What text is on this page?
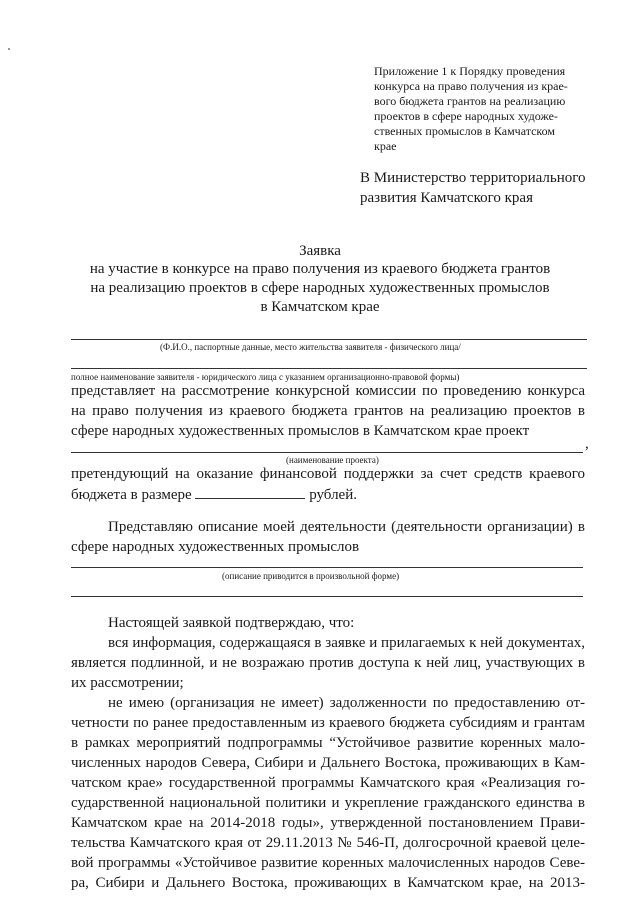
Приложение 1 к Порядку проведения
конкурса на право получения из крае-
вого бюджета грантов на реализацию
проектов в сфере народных художе-
ственных промыслов в Камчатском
крае
В Министерство территориального
развития Камчатского края
Заявка
на участие в конкурсе на право получения из краевого бюджета грантов
на реализацию проектов в сфере народных художественных промыслов
в Камчатском крае
(Ф.И.О., паспортные данные, место жительства заявителя - физического лица/
полное наименование заявителя - юридического лица с указанием организационно-правовой формы)
представляет на рассмотрение конкурсной комиссии по проведению конкурса
на право получения из краевого бюджета грантов на реализацию проектов в
сфере народных художественных промыслов в Камчатском крае проект
,
(наименование проекта)
претендующий на оказание финансовой поддержки за счет средств краевого
бюджета в размере	рублей.
Представляю описание моей деятельности (деятельности организации) в
сфере народных художественных промыслов
(описание приводится в произвольной форме)
Настоящей заявкой подтверждаю, что:
вся информация, содержащаяся в заявке и прилагаемых к ней документах,
является подлинной, и не возражаю против доступа к ней лиц, участвующих в
их рассмотрении;
не имею (организация не имеет) задолженности по предоставлению от-
четности по ранее предоставленным из краевого бюджета субсидиям и грантам
в рамках мероприятий подпрограммы “Устойчивое развитие коренных мало-
численных народов Севера, Сибири и Дальнего Востока, проживающих в Кам-
чатском крае» государственной программы Камчатского края «Реализация го-
сударственной национальной политики и укрепление гражданского единства в
Камчатском крае на 2014-2018 годы», утвержденной постановлением Прави-
тельства Камчатского края от 29.11.2013 № 546-П, долгосрочной краевой целе-
вой программы «Устойчивое развитие коренных малочисленных народов Севе-
ра, Сибири и Дальнего Востока, проживающих в Камчатском крае, на 2013-
